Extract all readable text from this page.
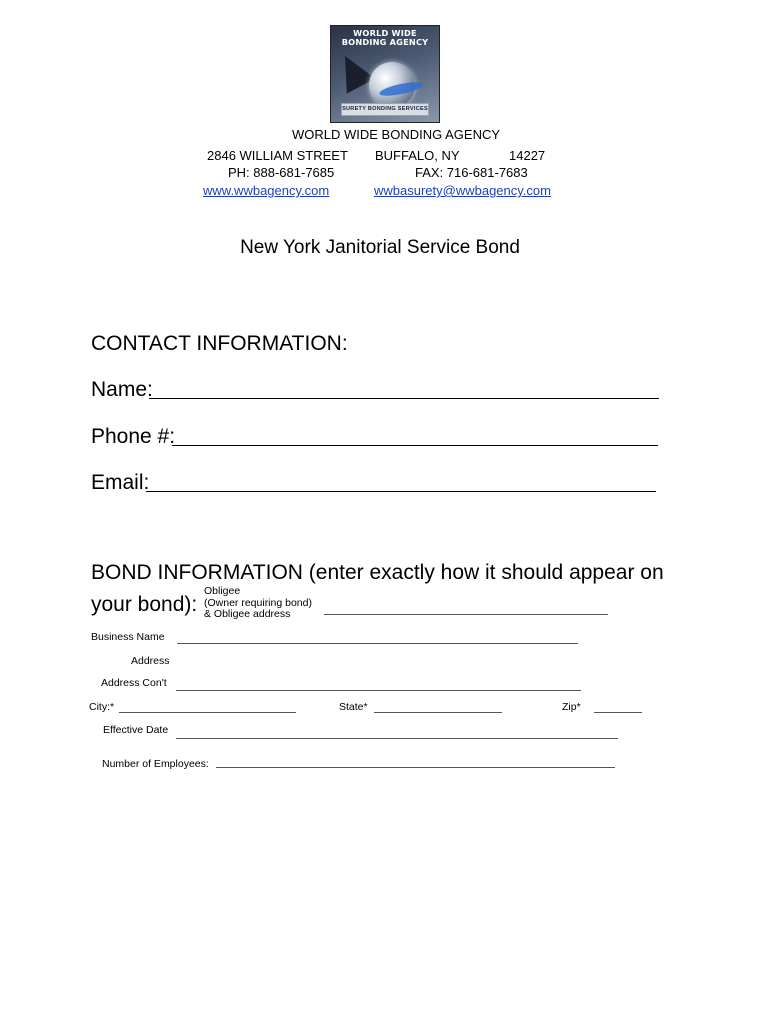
WORLD WIDE BONDING AGENCY
SURETY BONDING SERVICES
WORLD WIDE BONDING AGENCY
2846 WILLIAM STREET BUFFALO, NY	14227
PH: 888-681-7685	FAX: 716-681-7683
www.wwbagency.com	wwbasurety@wwbagency.com
New York Janitorial Service Bond
CONTACT INFORMATION:
Name:
Phone #:
Email:
BOND INFORMATION (enter exactly how it should appear on
your bond):
Obligee
(Owner requiring bond)
& Obligee address
Business Name
Address
Address Con't
City:*	State*	Zip*
Effective Date
Number of Employees:
